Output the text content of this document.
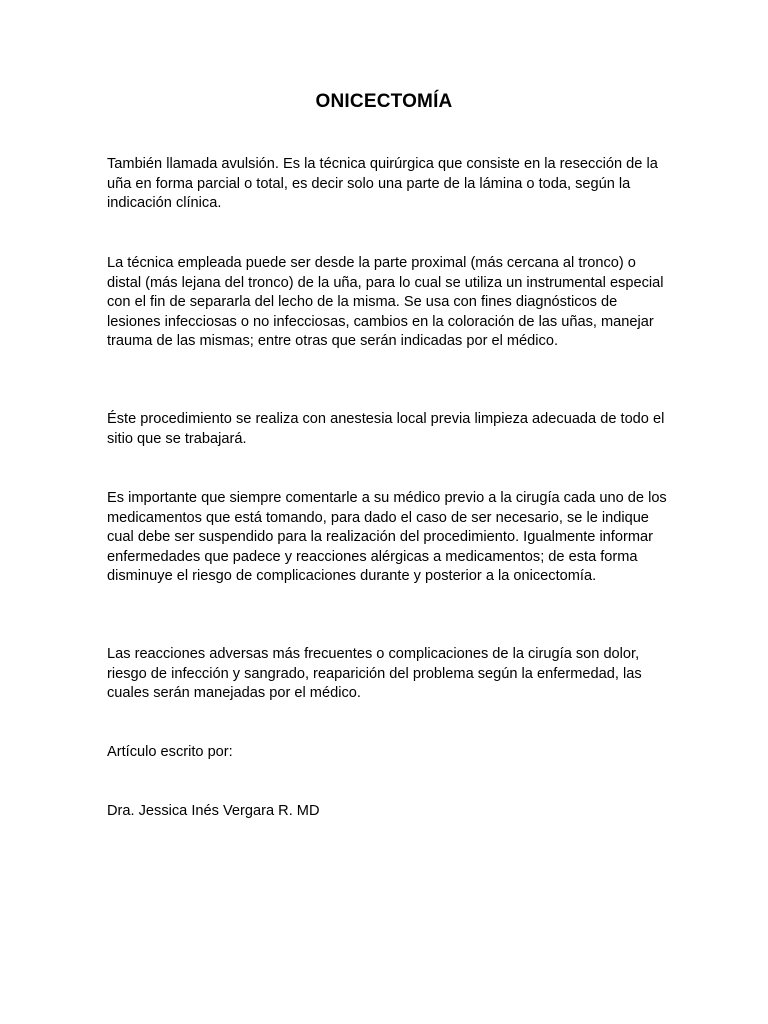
ONICECTOMÍA

También llamada avulsión. Es la técnica quirúrgica que consiste en la resección de la uña en forma parcial o total, es decir solo una parte de la lámina o toda, según la indicación clínica.

La técnica empleada puede ser desde la parte proximal (más cercana al tronco) o distal (más lejana del tronco) de la uña, para lo cual se utiliza un instrumental especial con el fin de separarla del lecho de la misma. Se usa con fines diagnósticos de lesiones infecciosas o no infecciosas, cambios en la coloración de las uñas, manejar trauma de las mismas; entre otras que serán indicadas por el médico.

Éste procedimiento se realiza con anestesia local previa limpieza adecuada de todo el sitio que se trabajará.

Es importante que siempre comentarle a su médico previo a la cirugía cada uno de los medicamentos que está tomando, para dado el caso de ser necesario, se le indique cual debe ser suspendido para la realización del procedimiento. Igualmente informar enfermedades que padece y reacciones alérgicas a medicamentos; de esta forma disminuye el riesgo de complicaciones durante y posterior a la onicectomía.

Las reacciones adversas más frecuentes o complicaciones de la cirugía son dolor, riesgo de infección y sangrado, reaparición del problema según la enfermedad, las cuales serán manejadas por el médico.

Artículo escrito por:

Dra. Jessica Inés Vergara R. MD
